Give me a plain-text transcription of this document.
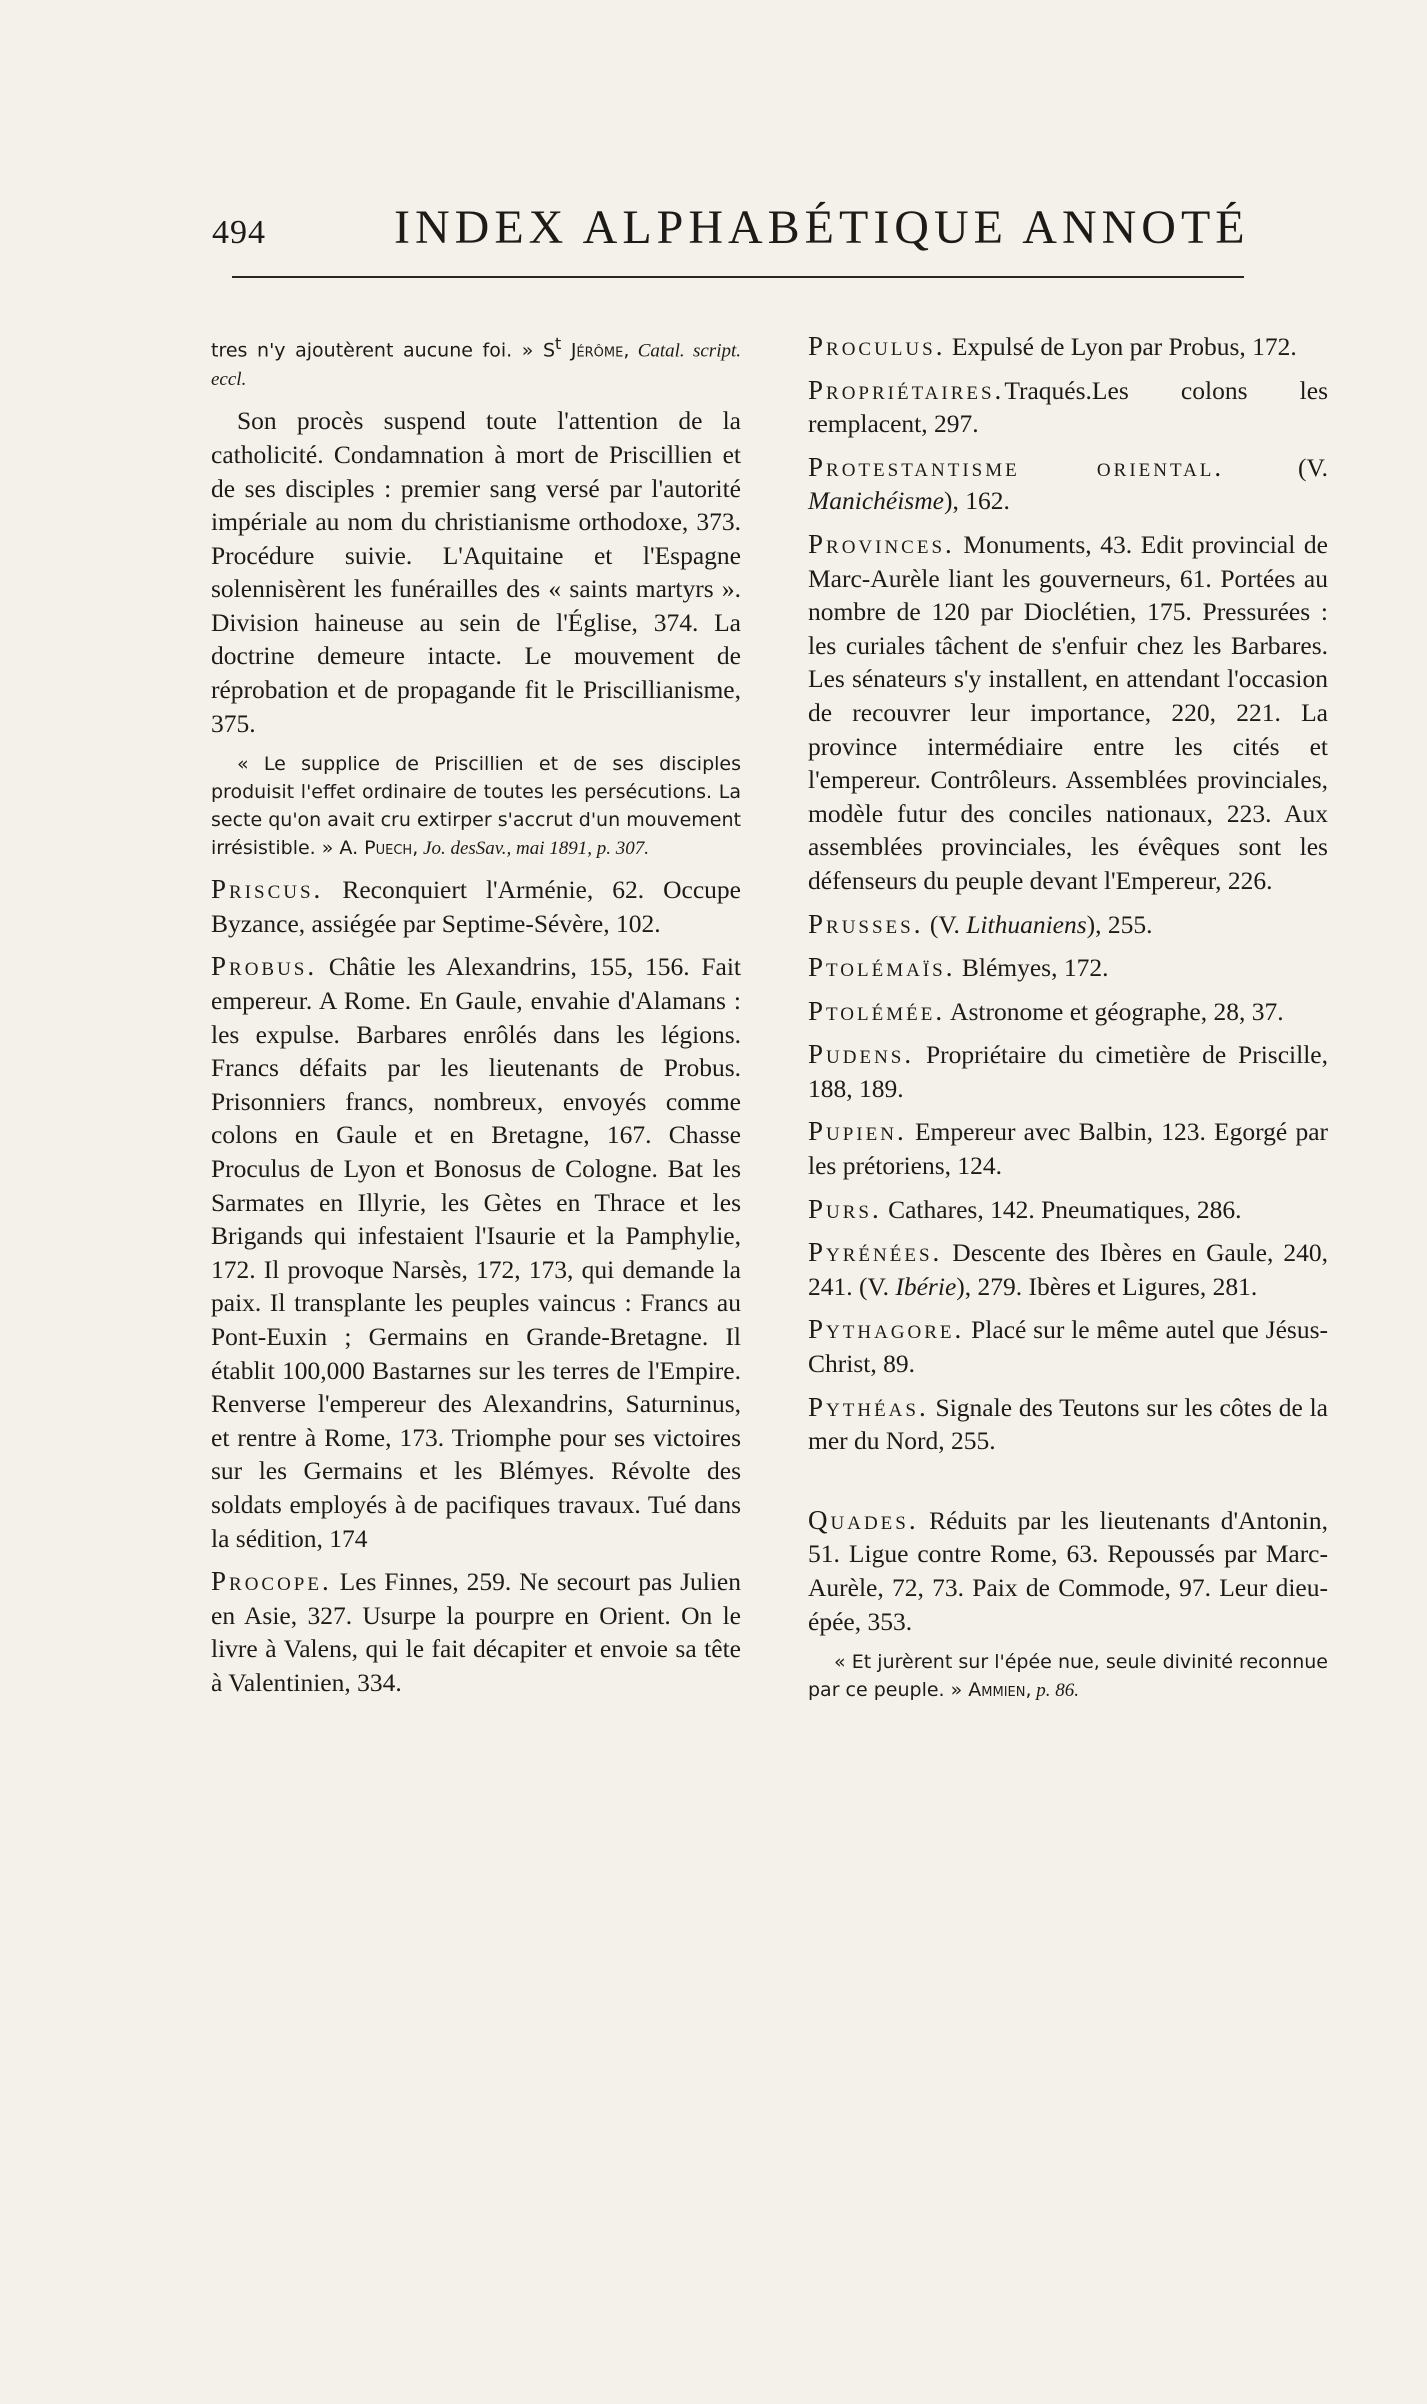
494	INDEX ALPHABÉTIQUE ANNOTÉ

tres n'y ajoutèrent aucune foi. » $S^t$ Jérôme, Catal. script. eccl.

Son procès suspend toute l'attention de la catholicité. Condamnation à mort de Priscillien et de ses disciples : premier sang versé par l'autorité impériale au nom du christianisme orthodoxe, 373. Procédure suivie. L'Aquitaine et l'Espagne solennisèrent les funérailles des « saints martyrs ». Division haineuse au sein de l'Église, 374. La doctrine demeure intacte. Le mouvement de réprobation et de propagande fit le Priscillianisme, 375.

« Le supplice de Priscillien et de ses disciples produisit l'effet ordinaire de toutes les persécutions. La secte qu'on avait cru extirper s'accrut d'un mouvement irrésistible. » A. Puech, Jo. desSav., mai 1891, p. 307.

Priscus. Reconquiert l'Arménie, 62. Occupe Byzance, assiégée par Septime-Sévère, 102.

Probus. Châtie les Alexandrins, 155, 156. Fait empereur. A Rome. En Gaule, envahie d'Alamans : les expulse. Barbares enrôlés dans les légions. Francs défaits par les lieutenants de Probus. Prisonniers francs, nombreux, envoyés comme colons en Gaule et en Bretagne, 167. Chasse Proculus de Lyon et Bonosus de Cologne. Bat les Sarmates en Illyrie, les Gètes en Thrace et les Brigands qui infestaient l'Isaurie et la Pamphylie, 172. Il provoque Narsès, 172, 173, qui demande la paix. Il transplante les peuples vaincus : Francs au Pont-Euxin ; Germains en Grande-Bretagne. Il établit 100,000 Bastarnes sur les terres de l'Empire. Renverse l'empereur des Alexandrins, Saturninus, et rentre à Rome, 173. Triomphe pour ses victoires sur les Germains et les Blémyes. Révolte des soldats employés à de pacifiques travaux. Tué dans la sédition, 174

Procope. Les Finnes, 259. Ne secourt pas Julien en Asie, 327. Usurpe la pourpre en Orient. On le livre à Valens, qui le fait décapiter et envoie sa tête à Valentinien, 334.

Proculus. Expulsé de Lyon par Probus, 172.

Propriétaires.Traqués.Les colons les remplacent, 297.

Protestantisme oriental. (V. Manichéisme), 162.

Provinces. Monuments, 43. Edit provincial de Marc-Aurèle liant les gouverneurs, 61. Portées au nombre de 120 par Dioclétien, 175. Pressurées : les curiales tâchent de s'enfuir chez les Barbares. Les sénateurs s'y installent, en attendant l'occasion de recouvrer leur importance, 220, 221. La province intermédiaire entre les cités et l'empereur. Contrôleurs. Assemblées provinciales, modèle futur des conciles nationaux, 223. Aux assemblées provinciales, les évêques sont les défenseurs du peuple devant l'Empereur, 226.

Prusses. (V. Lithuaniens), 255.

Ptolémaïs. Blémyes, 172.

Ptolémée. Astronome et géographe, 28, 37.

Pudens. Propriétaire du cimetière de Priscille, 188, 189.

Pupien. Empereur avec Balbin, 123. Egorgé par les prétoriens, 124.

Purs. Cathares, 142. Pneumatiques, 286.

Pyrénées. Descente des Ibères en Gaule, 240, 241. (V. Ibérie), 279. Ibères et Ligures, 281.

Pythagore. Placé sur le même autel que Jésus-Christ, 89.

Pythéas. Signale des Teutons sur les côtes de la mer du Nord, 255.

Quades. Réduits par les lieutenants d'Antonin, 51. Ligue contre Rome, 63. Repoussés par Marc-Aurèle, 72, 73. Paix de Commode, 97. Leur dieu-épée, 353.

« Et jurèrent sur l'épée nue, seule divinité reconnue par ce peuple. » Ammien, p. 86.
